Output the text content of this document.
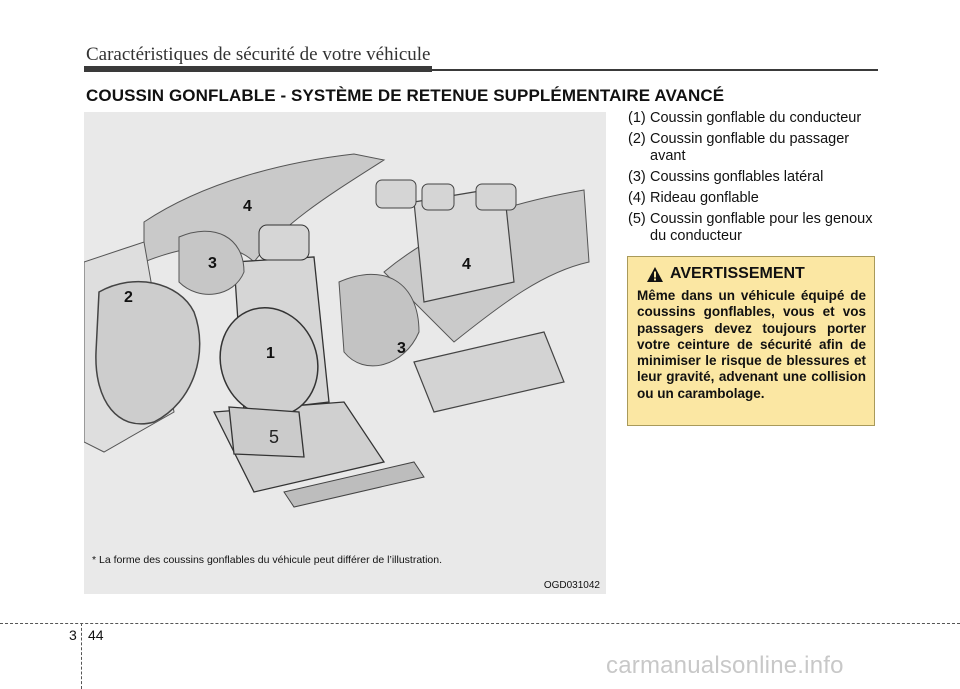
Caractéristiques de sécurité de votre véhicule
COUSSIN GONFLABLE - SYSTÈME DE RETENUE SUPPLÉMENTAIRE AVANCÉ
4
3
2
1
5
4
3
* La forme des coussins gonflables du véhicule peut différer de l’illustration.
OGD031042
(1) Coussin gonflable du conducteur
(2) Coussin gonflable du passager avant
(3) Coussins gonflables latéral
(4) Rideau gonflable
(5) Coussin gonflable pour les genoux du conducteur
AVERTISSEMENT
Même dans un véhicule équipé de coussins gonflables, vous et vos passagers devez toujours porter votre ceinture de sécurité afin de minimiser le risque de blessures et leur gravité, advenant une collision ou un carambolage.
3 44
carmanualsonline.info
